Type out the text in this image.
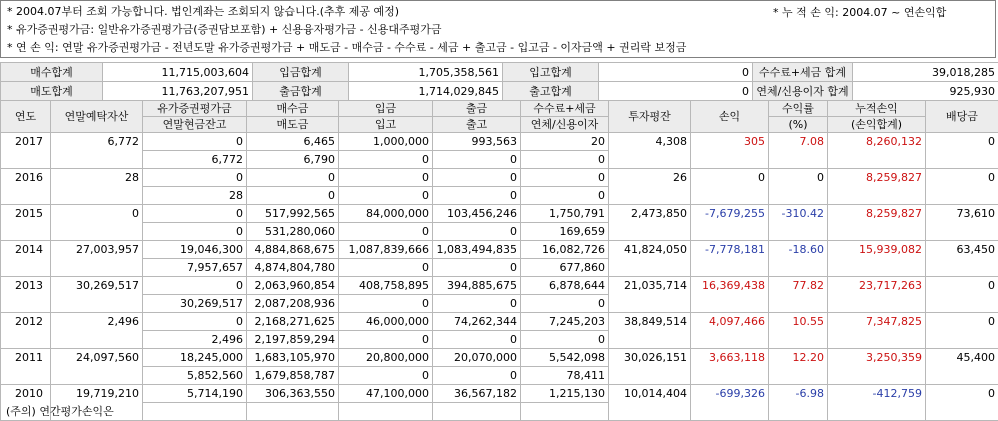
* 2004.07부터 조회 가능합니다. 법인계좌는 조회되지 않습니다.(추후 제공 예정)	* 누 적 손 익: 2004.07 ~ 연손익합
* 유가증권평가금: 일반유가증권평가금(증권담보포함) + 신용융자평가금 - 신용대주평가금
* 연 손 익: 연말 유가증권평가금 - 전년도말 유가증권평가금 + 매도금 - 매수금 - 수수료 - 세금 + 출고금 - 입고금 - 이자금액 + 권리락 보정금
매수합계	11,715,003,604	입금합계	1,705,358,561	입고합계	0	수수료+세금 합계	39,018,285
매도합계	11,763,207,951	출금합계	1,714,029,845	출고합계	0	연체/신용이자 합계	925,930
연도	연말예탁자산	유가증권평가금	매수금	입금	출금	수수료+세금	투자평잔	손익	수익률	누적손익	배당금
		연말현금잔고	매도금	입고	출고	연체/신용이자			(%)	(손익합계)	
2017	6,772	0	6,465	1,000,000	993,563	20	4,308	305	7.08	8,260,132	0
		6,772	6,790	0	0	0					
2016	28	0	0	0	0	0	26	0	0	8,259,827	0
		28	0	0	0	0					
2015	0	0	517,992,565	84,000,000	103,456,246	1,750,791	2,473,850	-7,679,255	-310.42	8,259,827	73,610
		0	531,280,060	0	0	169,659					
2014	27,003,957	19,046,300	4,884,868,675	1,087,839,666	1,083,494,835	16,082,726	41,824,050	-7,778,181	-18.60	15,939,082	63,450
		7,957,657	4,874,804,780	0	0	677,860					
2013	30,269,517	0	2,063,960,854	408,758,895	394,885,675	6,878,644	21,035,714	16,369,438	77.82	23,717,263	0
		30,269,517	2,087,208,936	0	0	0					
2012	2,496	0	2,168,271,625	46,000,000	74,262,344	7,245,203	38,849,514	4,097,466	10.55	7,347,825	0
		2,496	2,197,859,294	0	0	0					
2011	24,097,560	18,245,000	1,683,105,970	20,800,000	20,070,000	5,542,098	30,026,151	3,663,118	12.20	3,250,359	45,400
		5,852,560	1,679,858,787	0	0	78,411					
2010	19,719,210	5,714,190	306,363,550	47,100,000	36,567,182	1,215,130	10,014,404	-699,326	-6.98	-412,759	0

(주의) 연간평가손익은
